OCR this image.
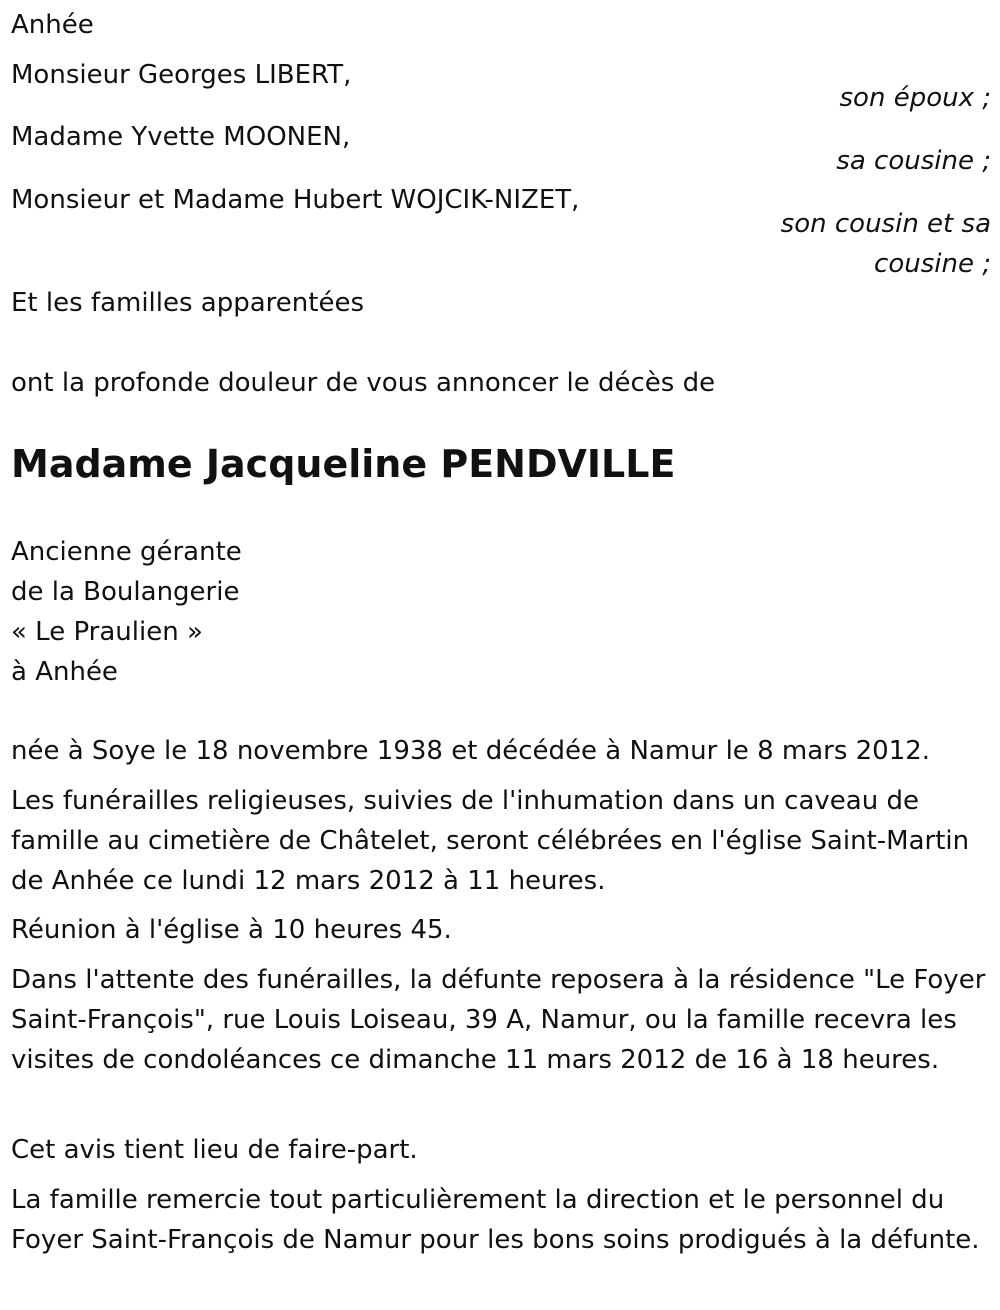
Anhée
Monsieur Georges LIBERT,
son époux ;
Madame Yvette MOONEN,
sa cousine ;
Monsieur et Madame Hubert WOJCIK-NIZET,
son cousin et sa cousine ;
Et les familles apparentées
ont la profonde douleur de vous annoncer le décès de
Madame Jacqueline PENDVILLE
Ancienne gérante
de la Boulangerie
« Le Praulien »
à Anhée
née à Soye le 18 novembre 1938 et décédée à Namur le 8 mars 2012.
Les funérailles religieuses, suivies de l'inhumation dans un caveau de famille au cimetière de Châtelet, seront célébrées en l'église Saint-Martin de Anhée ce lundi 12 mars 2012 à 11 heures.
Réunion à l'église à 10 heures 45.
Dans l'attente des funérailles, la défunte reposera à la résidence "Le Foyer Saint-François", rue Louis Loiseau, 39 A, Namur, ou la famille recevra les visites de condoléances ce dimanche 11 mars 2012 de 16 à 18 heures.
Cet avis tient lieu de faire-part.
La famille remercie tout particulièrement la direction et le personnel du Foyer Saint-François de Namur pour les bons soins prodigués à la défunte.
